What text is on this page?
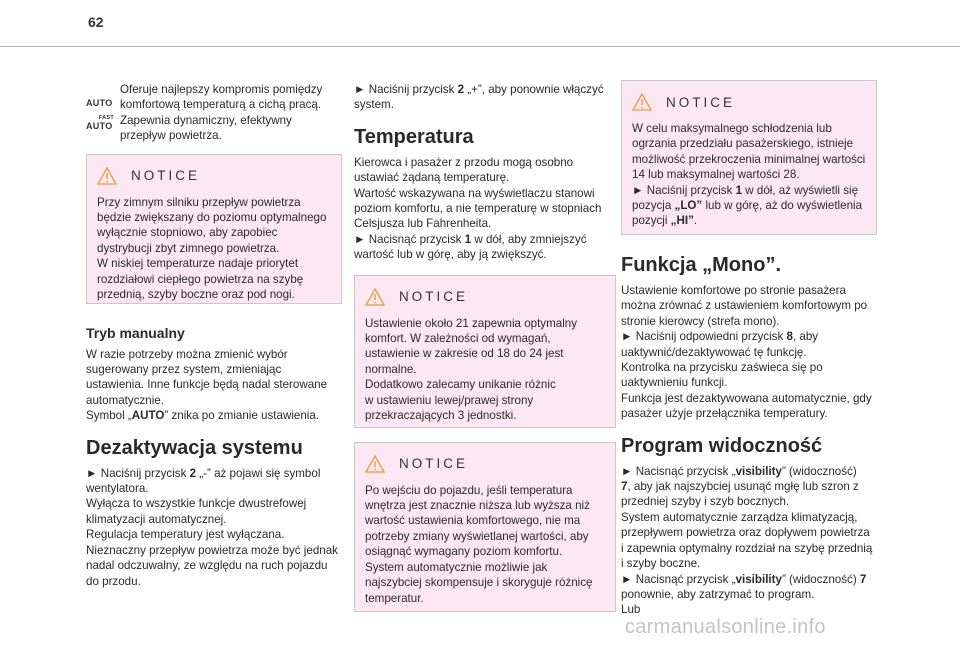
62
AUTO
FAST
AUTO

Oferuje najlepszy kompromis pomiędzy
komfortową temperaturą a cichą pracą.
Zapewnia dynamiczny, efektywny
przepływ powietrza.

NOTICE

Przy zimnym silniku przepływ powietrza
będzie zwiększany do poziomu optymalnego
wyłącznie stopniowo, aby zapobiec
dystrybucji zbyt zimnego powietrza.
W niskiej temperaturze nadaje priorytet
rozdziałowi ciepłego powietrza na szybę
przednią, szyby boczne oraz pod nogi.

Tryb manualny

W razie potrzeby można zmienić wybór
sugerowany przez system, zmieniając
ustawienia. Inne funkcje będą nadal sterowane
automatycznie.
Symbol „AUTO” znika po zmianie ustawienia.

Dezaktywacja systemu

► Naciśnij przycisk 2 „-” aż pojawi się symbol
wentylatora.
Wyłącza to wszystkie funkcje dwustrefowej
klimatyzacji automatycznej.
Regulacja temperatury jest wyłączana.
Nieznaczny przepływ powietrza może być jednak
nadal odczuwalny, ze względu na ruch pojazdu
do przodu.

► Naciśnij przycisk 2 „+”, aby ponownie włączyć
system.

Temperatura

Kierowca i pasażer z przodu mogą osobno
ustawiać żądaną temperaturę.
Wartość wskazywana na wyświetlaczu stanowi
poziom komfortu, a nie temperaturę w stopniach
Celsjusza lub Fahrenheita.
► Nacisnąć przycisk 1 w dół, aby zmniejszyć
wartość lub w górę, aby ją zwiększyć.

NOTICE

Ustawienie około 21 zapewnia optymalny
komfort. W zależności od wymagań,
ustawienie w zakresie od 18 do 24 jest
normalne.
Dodatkowo zalecamy unikanie różnic
w ustawieniu lewej/prawej strony
przekraczających 3 jednostki.

NOTICE

Po wejściu do pojazdu, jeśli temperatura
wnętrza jest znacznie niższa lub wyższa niż
wartość ustawienia komfortowego, nie ma
potrzeby zmiany wyświetlanej wartości, aby
osiągnąć wymagany poziom komfortu.
System automatycznie możliwie jak
najszybciej skompensuje i skoryguje różnicę
temperatur.

NOTICE

W celu maksymalnego schłodzenia lub
ogrzania przedziału pasażerskiego, istnieje
możliwość przekroczenia minimalnej wartości
14 lub maksymalnej wartości 28.
► Naciśnij przycisk 1 w dół, aż wyświetli się
pozycja „LO” lub w górę, aż do wyświetlenia
pozycji „HI”.

Funkcja „Mono”.

Ustawienie komfortowe po stronie pasażera
można zrównać z ustawieniem komfortowym po
stronie kierowcy (strefa mono).
► Naciśnij odpowiedni przycisk 8, aby
uaktywnić/dezaktywować tę funkcję.
Kontrolka na przycisku zaświeca się po
uaktywnieniu funkcji.
Funkcja jest dezaktywowana automatycznie, gdy
pasażer użyje przełącznika temperatury.

Program widoczność

► Nacisnąć przycisk „visibility” (widoczność)
7, aby jak najszybciej usunąć mgłę lub szron z
przedniej szyby i szyb bocznych.
System automatycznie zarządza klimatyzacją,
przepływem powietrza oraz dopływem powietrza
i zapewnia optymalny rozdział na szybę przednią
i szyby boczne.
► Nacisnąć przycisk „visibility” (widoczność) 7
ponownie, aby zatrzymać to program.
Lub

carmanualsonline.info
